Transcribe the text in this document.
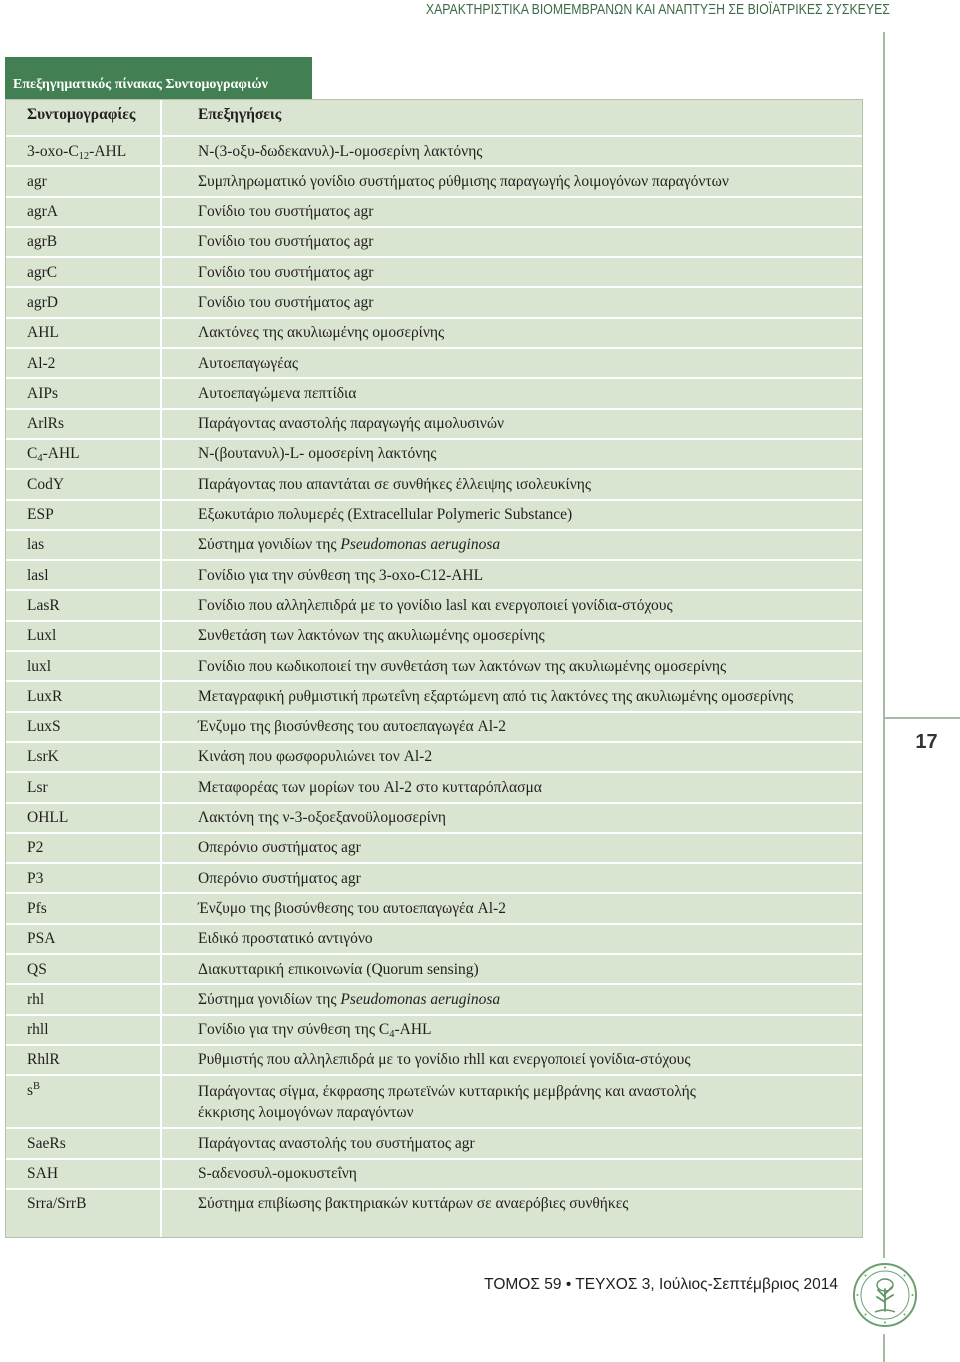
ΧΑΡΑΚΤΗΡΙΣΤΙΚΑ ΒΙΟΜΕΜΒΡΑΝΩΝ ΚΑΙ ΑΝΑΠΤΥΞΗ ΣΕ ΒΙΟΪΑΤΡΙΚΕΣ ΣΥΣΚΕΥΕΣ
17
Επεξηγηματικός πίνακας Συντομογραφιών
Συντομογραφίες	Επεξηγήσεις
$3-oxo-C_{12}$-AHL	N-(3-οξυ-δωδεκανυλ)-L-ομοσερίνη λακτόνης
agr	Συμπληρωματικό γονίδιο συστήματος ρύθμισης παραγωγής λοιμογόνων παραγόντων
agrA	Γονίδιο του συστήματος agr
agrB	Γονίδιο του συστήματος agr
agrC	Γονίδιο του συστήματος agr
agrD	Γονίδιο του συστήματος agr
AHL	Λακτόνες της ακυλιωμένης ομοσερίνης
Al-2	Αυτοεπαγωγέας
AIPs	Αυτοεπαγώμενα πεπτίδια
ArlRs	Παράγοντας αναστολής παραγωγής αιμολυσινών
$C_4$-AHL	N-(βουτανυλ)-L- ομοσερίνη λακτόνης
CodY	Παράγοντας που απαντάται σε συνθήκες έλλειψης ισολευκίνης
ESP	Εξωκυτάριο πολυμερές (Extracellular Polymeric Substance)
las	Σύστημα γονιδίων της Pseudomonas aeruginosa
lasl	Γονίδιο για την σύνθεση της 3-oxo-C12-AHL
LasR	Γονίδιο που αλληλεπιδρά με το γονίδιο lasl και ενεργοποιεί γονίδια-στόχους
Luxl	Συνθετάση των λακτόνων της ακυλιωμένης ομοσερίνης
luxl	Γονίδιο που κωδικοποιεί την συνθετάση των λακτόνων της ακυλιωμένης ομοσερίνης
LuxR	Μεταγραφική ρυθμιστική πρωτεΐνη εξαρτώμενη από τις λακτόνες της ακυλιωμένης ομοσερίνης
LuxS	Ένζυμο της βιοσύνθεσης του αυτοεπαγωγέα Al-2
LsrK	Κινάση που φωσφορυλιώνει τον Al-2
Lsr	Μεταφορέας των μορίων του Al-2 στο κυτταρόπλασμα
OHLL	Λακτόνη της ν-3-οξοεξανοϋλομοσερίνη
P2	Οπερόνιο συστήματος agr
P3	Οπερόνιο συστήματος agr
Pfs	Ένζυμο της βιοσύνθεσης του αυτοεπαγωγέα Al-2
PSA	Ειδικό προστατικό αντιγόνο
QS	Διακυτταρική επικοινωνία (Quorum sensing)
rhl	Σύστημα γονιδίων της Pseudomonas aeruginosa
rhll	Γονίδιο για την σύνθεση της $C_4$-AHL
RhlR	Ρυθμιστής που αλληλεπιδρά με το γονίδιο rhll και ενεργοποιεί γονίδια-στόχους
$s^B$	Παράγοντας σίγμα, έκφρασης πρωτεϊνών κυτταρικής μεμβράνης και αναστολής
έκκρισης λοιμογόνων παραγόντων
SaeRs	Παράγοντας αναστολής του συστήματος agr
SAH	S-αδενοσυλ-ομοκυστεΐνη
Srra/SrrB	Σύστημα επιβίωσης βακτηριακών κυττάρων σε αναερόβιες συνθήκες
ΤΟΜΟΣ 59 • ΤΕΥΧΟΣ 3, Ιούλιος-Σεπτέμβριος 2014
